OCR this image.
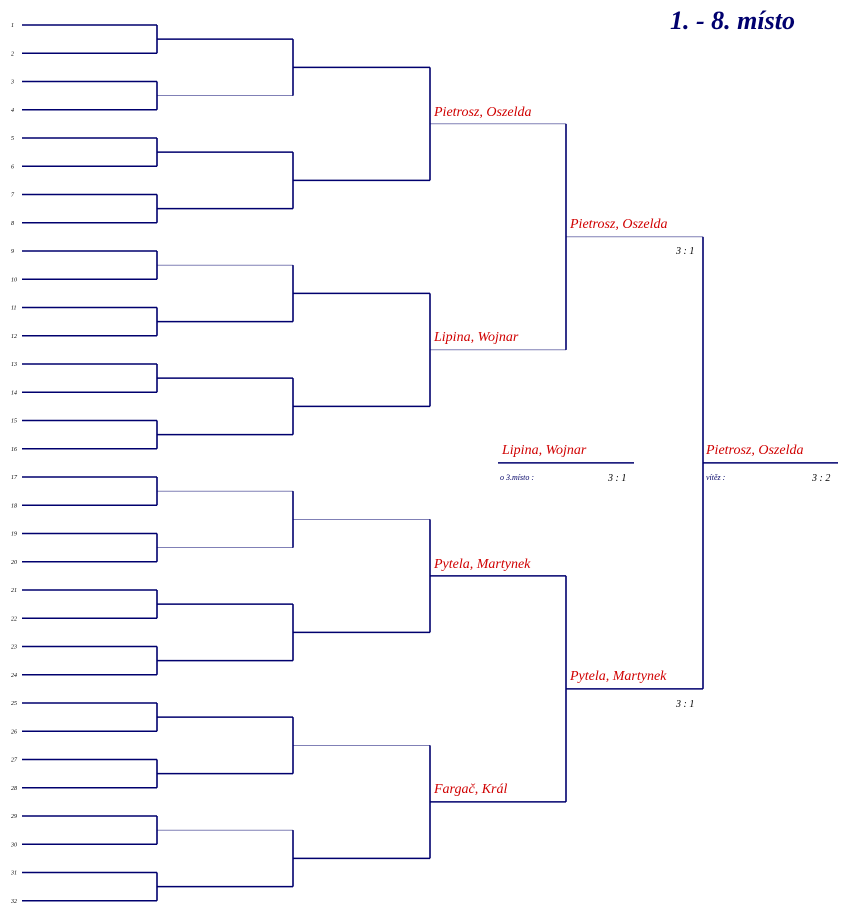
1. - 8. místo
1
2
3
4
5
6
7
8
9
10
11
12
13
14
15
16
17
18
19
20
21
22
23
24
25
26
27
28
29
30
31
32
Pietrosz, Oszelda
Lipina, Wojnar
Pytela, Martynek
Fargač, Král
Pietrosz, Oszelda
3 : 1
Pytela, Martynek
3 : 1
Lipina, Wojnar
o 3.místo :	3 : 1
Pietrosz, Oszelda
vítěz :	3 : 2
